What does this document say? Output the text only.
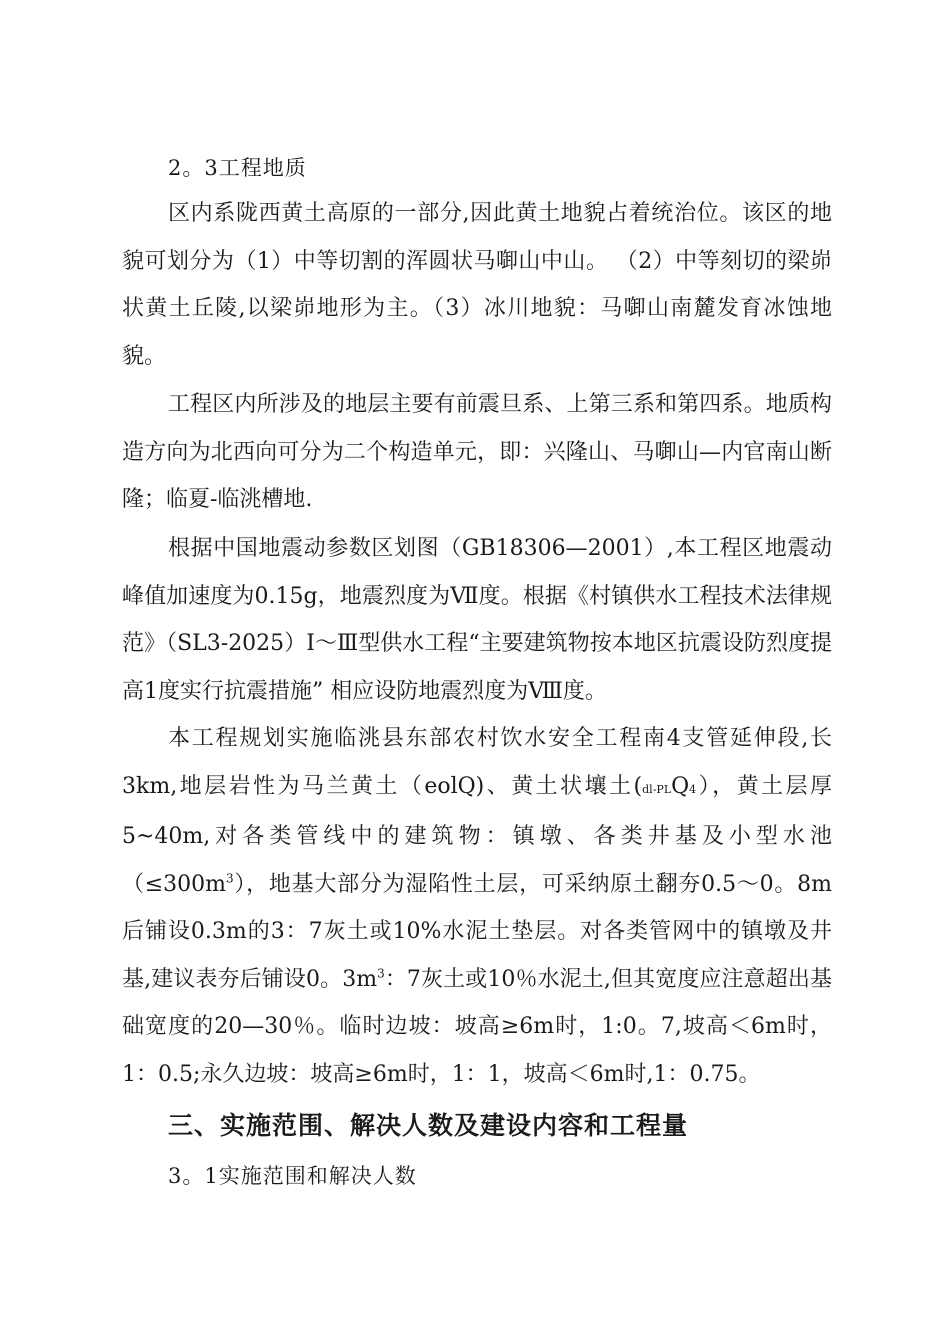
2。3工程地质

区内系陇西黄土高原的一部分,因此黄土地貌占着统治位。该区的地貌可划分为（1）中等切割的浑圆状马啣山中山。 （2）中等刻切的梁峁状黄土丘陵,以梁峁地形为主。（3）冰川地貌：马啣山南麓发育冰蚀地貌。

工程区内所涉及的地层主要有前震旦系、上第三系和第四系。地质构造方向为北西向可分为二个构造单元，即：兴隆山、马啣山—内官南山断隆；临夏-临洮槽地.

根据中国地震动参数区划图（GB18306—2001）,本工程区地震动峰值加速度为0.15g，地震烈度为Ⅶ度。根据《村镇供水工程技术法律规范》（SL3-2025）Ⅰ～Ⅲ型供水工程“主要建筑物按本地区抗震设防烈度提高1度实行抗震措施” 相应设防地震烈度为Ⅷ度。

本工程规划实施临洮县东部农村饮水安全工程南4支管延伸段,长3km,地层岩性为马兰黄土（eolQ)、黄土状壤土(dl-PLQ4），黄土层厚5~40m,对各类管线中的建筑物：镇墩、各类井基及小型水池$(\le 300m^3)$，地基大部分为湿陷性土层，可采纳原土翻夯0.5～0。8m后铺设0.3m的3：7灰土或10%水泥土垫层。对各类管网中的镇墩及井基,建议表夯后铺设0。$3m^3$：7灰土或10％水泥土,但其宽度应注意超出基础宽度的20—30％。临时边坡：坡高≥6m时，1:0。7,坡高＜6m时，1：0.5;永久边坡：坡高≥6m时，1：1，坡高＜6m时,1：0.75。

三、实施范围、解决人数及建设内容和工程量
3。1实施范围和解决人数
